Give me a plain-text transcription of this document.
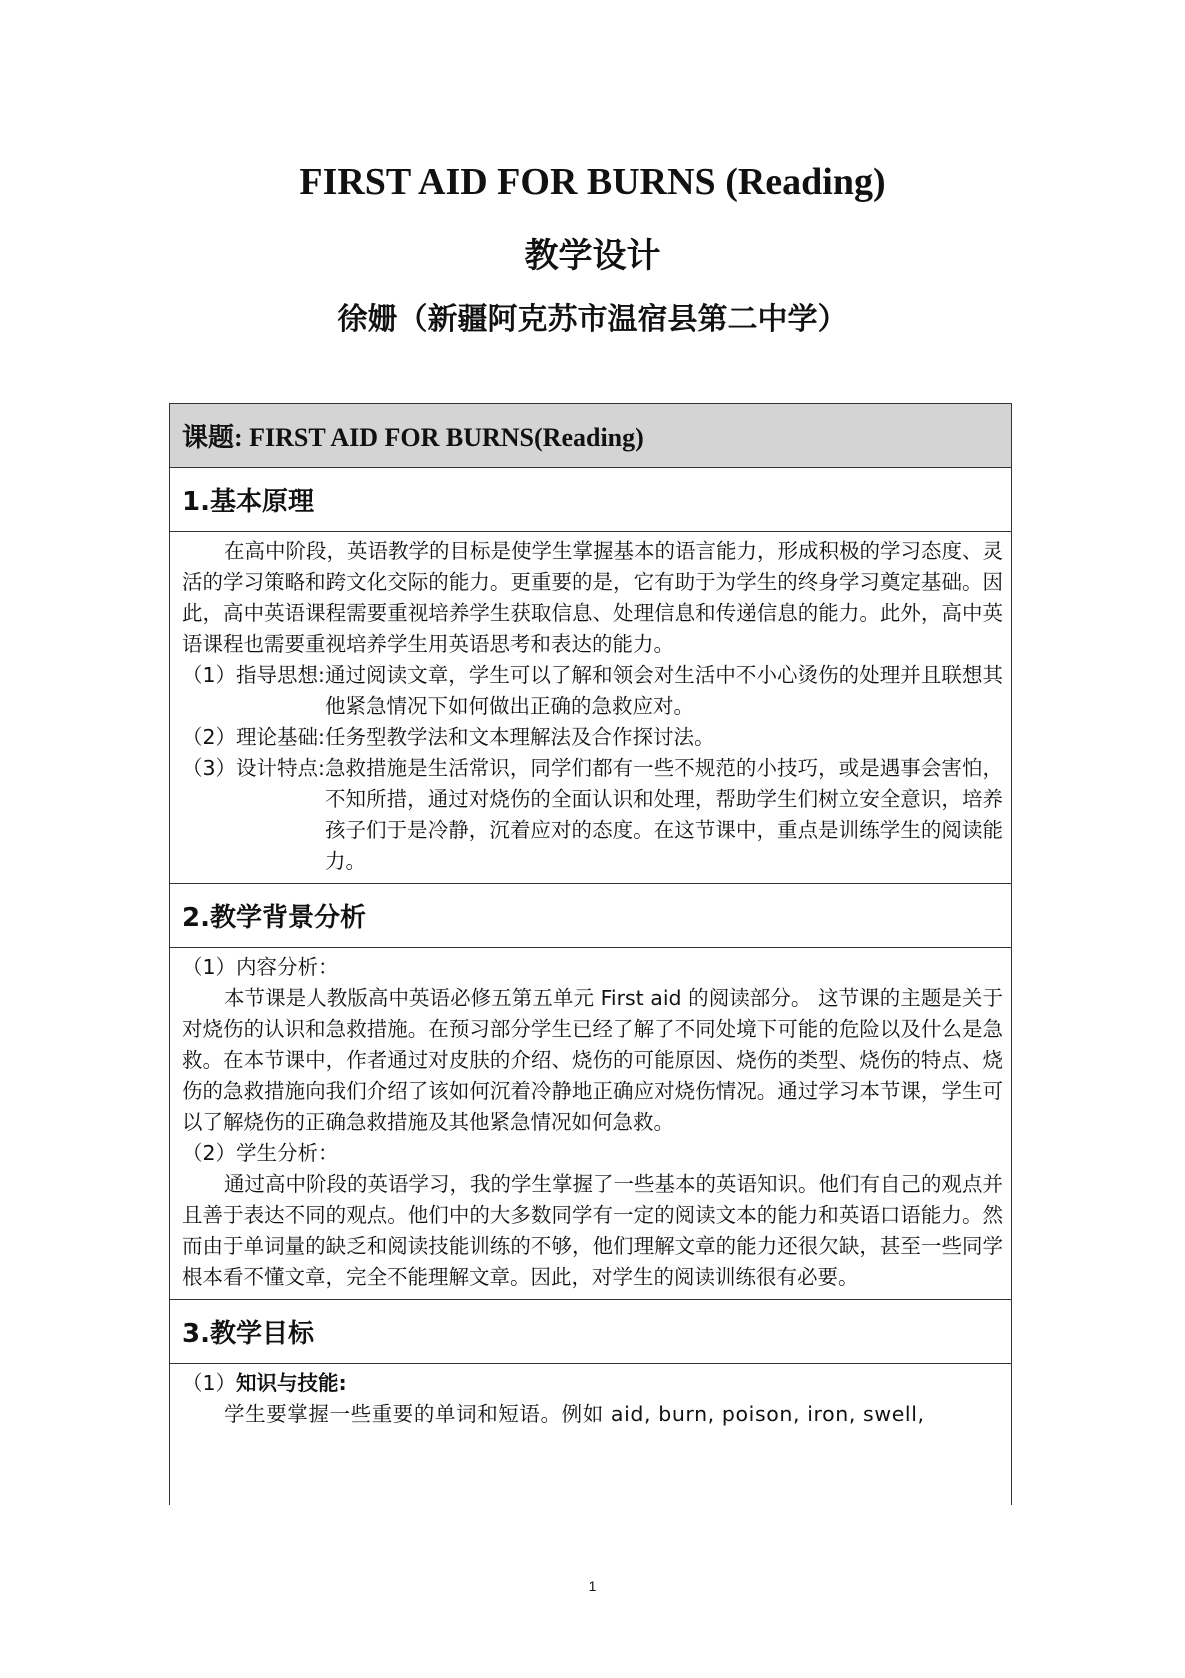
FIRST AID FOR BURNS (Reading)
教学设计
徐姗（新疆阿克苏市温宿县第二中学）
课题: FIRST AID FOR BURNS(Reading)
1.基本原理

在高中阶段，英语教学的目标是使学生掌握基本的语言能力，形成积极的学习态度、灵活的学习策略和跨文化交际的能力。更重要的是，它有助于为学生的终身学习奠定基础。因此，高中英语课程需要重视培养学生获取信息、处理信息和传递信息的能力。此外，高中英语课程也需要重视培养学生用英语思考和表达的能力。

（1）指导思想: 通过阅读文章，学生可以了解和领会对生活中不小心烫伤的处理并且联想其他紧急情况下如何做出正确的急救应对。
（2）理论基础: 任务型教学法和文本理解法及合作探讨法。
（3）设计特点: 急救措施是生活常识，同学们都有一些不规范的小技巧，或是遇事会害怕，不知所措，通过对烧伤的全面认识和处理，帮助学生们树立安全意识，培养孩子们于是冷静，沉着应对的态度。在这节课中，重点是训练学生的阅读能力。
2.教学背景分析

（1）内容分析：

本节课是人教版高中英语必修五第五单元 First aid 的阅读部分。 这节课的主题是关于对烧伤的认识和急救措施。在预习部分学生已经了解了不同处境下可能的危险以及什么是急救。在本节课中，作者通过对皮肤的介绍、烧伤的可能原因、烧伤的类型、烧伤的特点、烧伤的急救措施向我们介绍了该如何沉着冷静地正确应对烧伤情况。通过学习本节课，学生可以了解烧伤的正确急救措施及其他紧急情况如何急救。

（2）学生分析：

通过高中阶段的英语学习，我的学生掌握了一些基本的英语知识。他们有自己的观点并且善于表达不同的观点。他们中的大多数同学有一定的阅读文本的能力和英语口语能力。然而由于单词量的缺乏和阅读技能训练的不够，他们理解文章的能力还很欠缺，甚至一些同学根本看不懂文章，完全不能理解文章。因此，对学生的阅读训练很有必要。

3.教学目标

（1）知识与技能:

学生要掌握一些重要的单词和短语。例如 aid, burn, poison, iron, swell,

1
